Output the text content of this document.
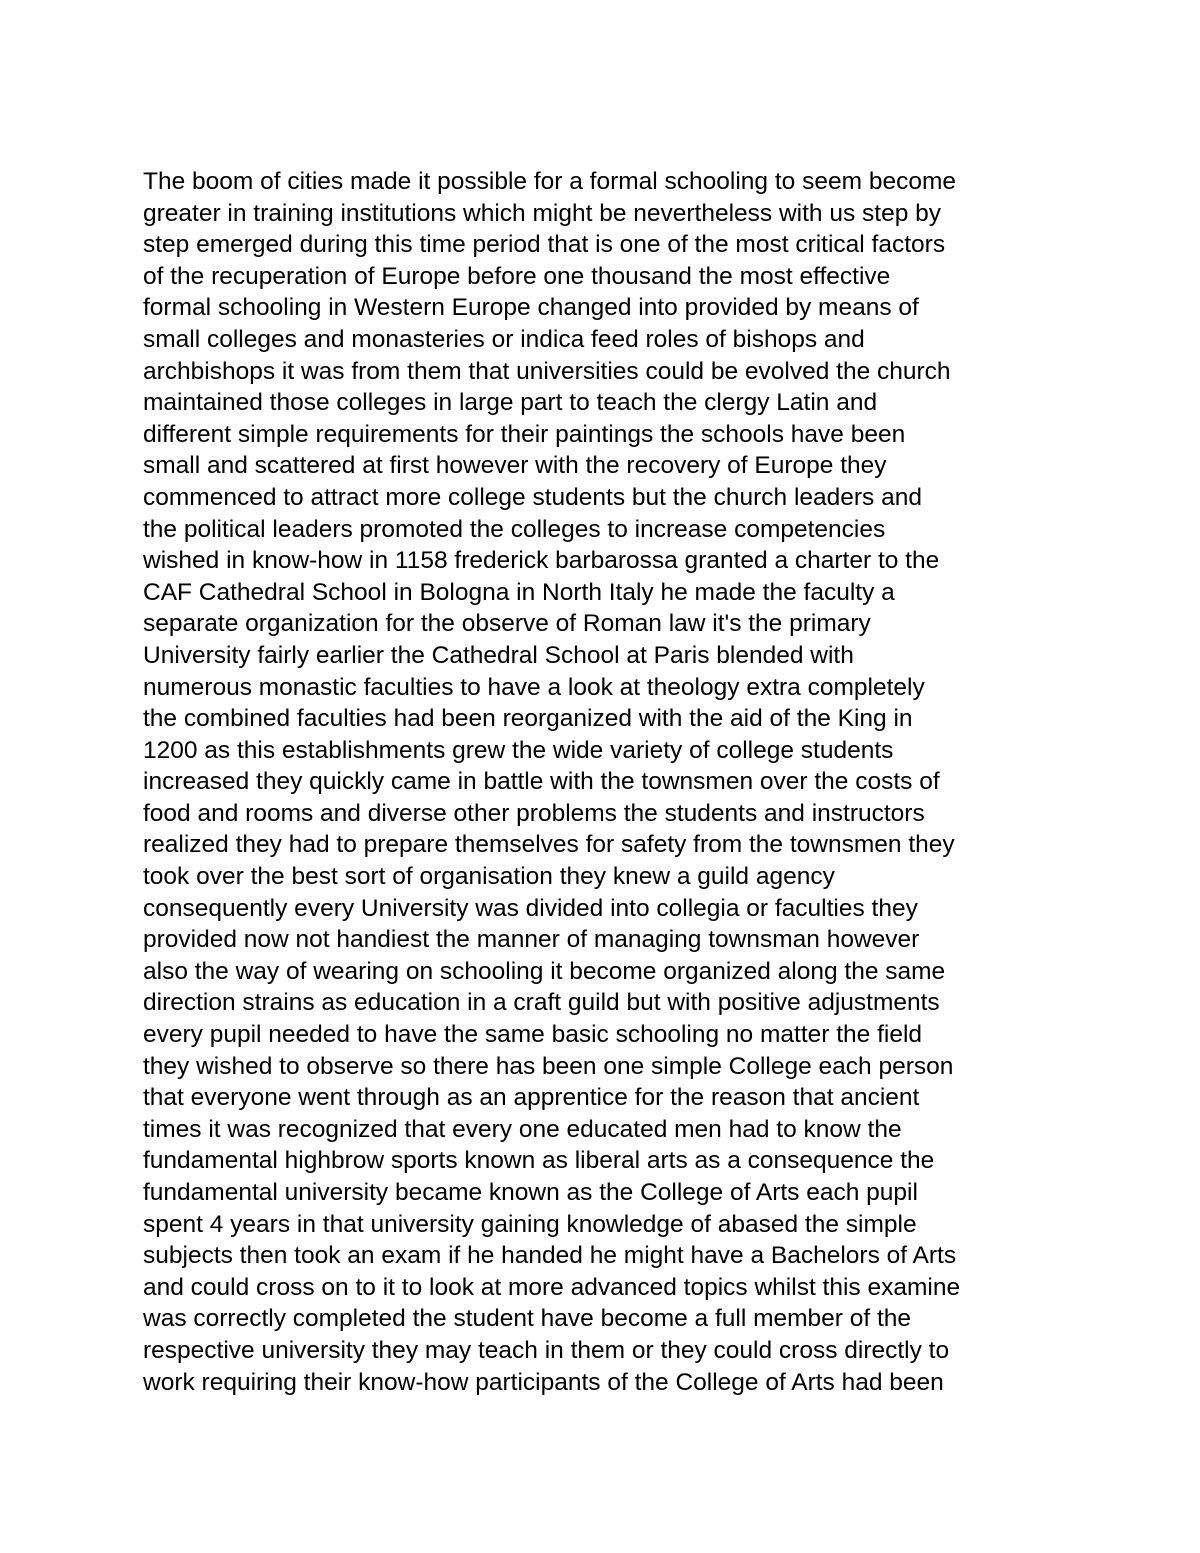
The boom of cities made it possible for a formal schooling to seem become
greater in training institutions which might be nevertheless with us step by
step emerged during this time period that is one of the most critical factors
of the recuperation of Europe before one thousand the most effective
formal schooling in Western Europe changed into provided by means of
small colleges and monasteries or indica feed roles of bishops and
archbishops it was from them that universities could be evolved the church
maintained those colleges in large part to teach the clergy Latin and
different simple requirements for their paintings the schools have been
small and scattered at first however with the recovery of Europe they
commenced to attract more college students but the church leaders and
the political leaders promoted the colleges to increase competencies
wished in know-how in 1158 frederick barbarossa granted a charter to the
CAF Cathedral School in Bologna in North Italy he made the faculty a
separate organization for the observe of Roman law it's the primary
University fairly earlier the Cathedral School at Paris blended with
numerous monastic faculties to have a look at theology extra completely
the combined faculties had been reorganized with the aid of the King in
1200 as this establishments grew the wide variety of college students
increased they quickly came in battle with the townsmen over the costs of
food and rooms and diverse other problems the students and instructors
realized they had to prepare themselves for safety from the townsmen they
took over the best sort of organisation they knew a guild agency
consequently every University was divided into collegia or faculties they
provided now not handiest the manner of managing townsman however
also the way of wearing on schooling it become organized along the same
direction strains as education in a craft guild but with positive adjustments
every pupil needed to have the same basic schooling no matter the field
they wished to observe so there has been one simple College each person
that everyone went through as an apprentice for the reason that ancient
times it was recognized that every one educated men had to know the
fundamental highbrow sports known as liberal arts as a consequence the
fundamental university became known as the College of Arts each pupil
spent 4 years in that university gaining knowledge of abased the simple
subjects then took an exam if he handed he might have a Bachelors of Arts
and could cross on to it to look at more advanced topics whilst this examine
was correctly completed the student have become a full member of the
respective university they may teach in them or they could cross directly to
work requiring their know-how participants of the College of Arts had been
